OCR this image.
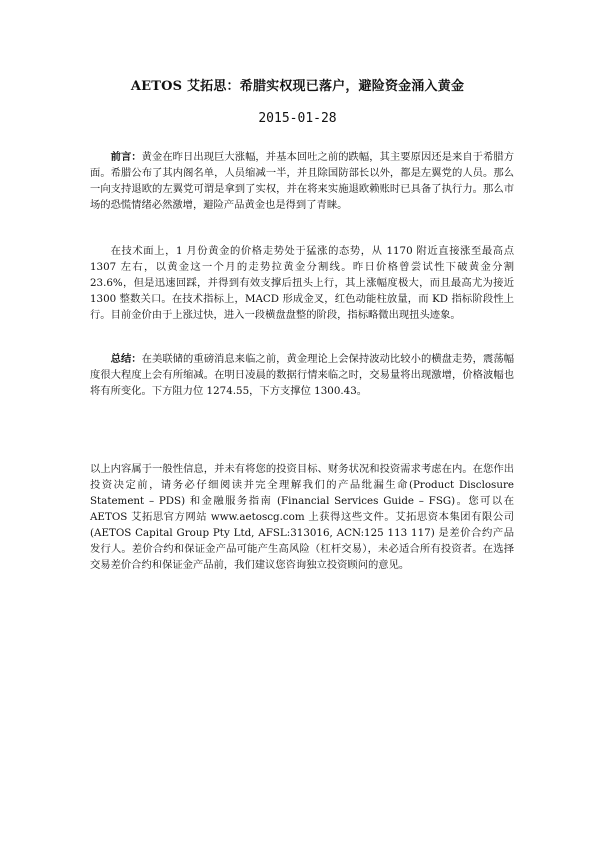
AETOS 艾拓思：希腊实权现已落户，避险资金涌入黄金
2015-01-28

前言：黄金在昨日出现巨大涨幅，并基本回吐之前的跌幅，其主要原因还是来自于希腊方面。希腊公布了其内阁名单，人员缩减一半，并且除国防部长以外，都是左翼党的人员。那么一向支持退欧的左翼党可谓是拿到了实权，并在将来实施退欧赖账时已具备了执行力。那么市场的恐慌情绪必然激增，避险产品黄金也是得到了青睐。

在技术面上，1 月份黄金的价格走势处于猛涨的态势，从 1170 附近直接涨至最高点 1307 左右，以黄金这一个月的走势拉黄金分割线。昨日价格曾尝试性下破黄金分割 23.6%，但是迅速回踩，并得到有效支撑后扭头上行，其上涨幅度极大，而且最高尤为接近 1300 整数关口。在技术指标上，MACD 形成金叉，红色动能柱放量，而 KD 指标阶段性上行。目前金价由于上涨过快，进入一段横盘盘整的阶段，指标略微出现扭头迹象。

总结：在美联储的重磅消息来临之前，黄金理论上会保持波动比较小的横盘走势，震荡幅度很大程度上会有所缩减。在明日凌晨的数据行情来临之时，交易量将出现激增，价格波幅也将有所变化。下方阻力位 1274.55，下方支撑位 1300.43。

以上内容属于一般性信息，并未有将您的投资目标、财务状况和投资需求考虑在内。在您作出投资决定前，请务必仔细阅读并完全理解我们的产品纰漏生命(Product Disclosure Statement – PDS) 和金融服务指南 (Financial Services Guide – FSG)。您可以在 AETOS 艾拓思官方网站 www.aetoscg.com 上获得这些文件。艾拓思资本集团有限公司(AETOS Capital Group Pty Ltd, AFSL:313016, ACN:125 113 117) 是差价合约产品发行人。差价合约和保证金产品可能产生高风险（杠杆交易），未必适合所有投资者。在选择交易差价合约和保证金产品前，我们建议您咨询独立投资顾问的意见。
